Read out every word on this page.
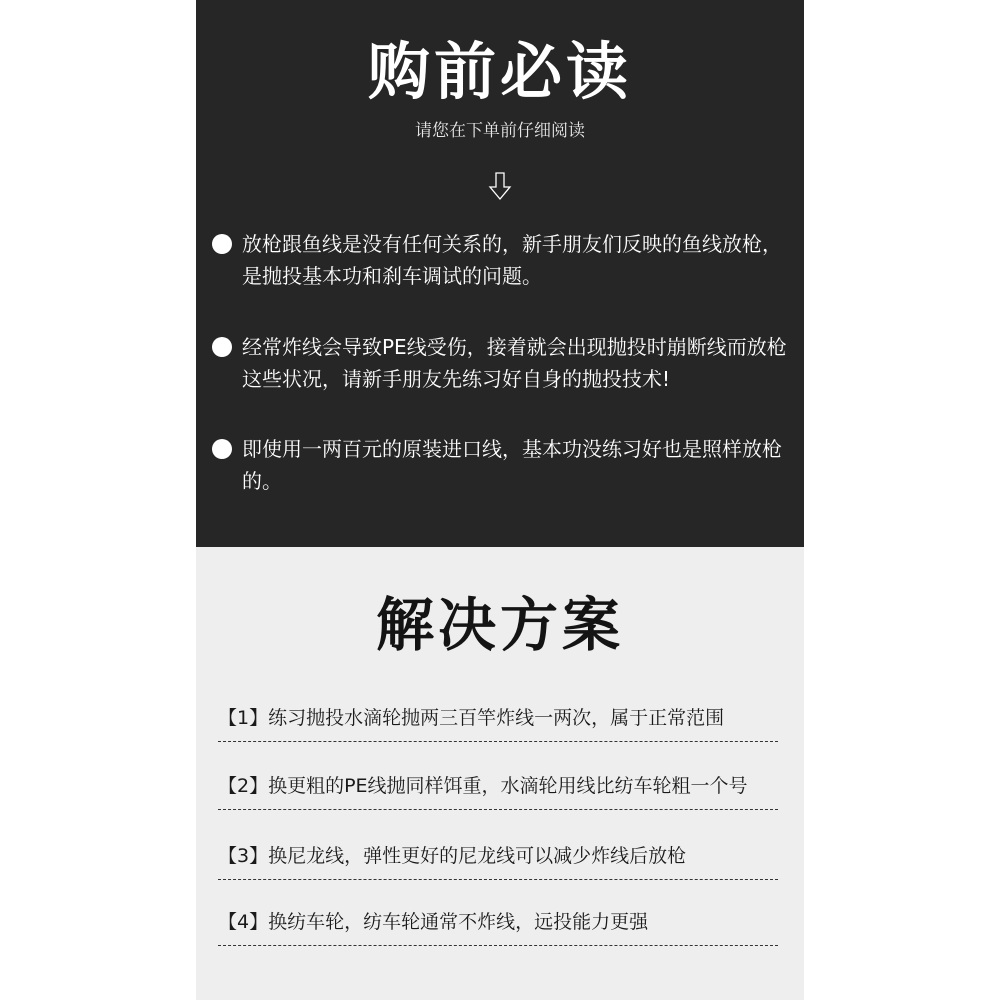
购前必读
请您在下单前仔细阅读
放枪跟鱼线是没有任何关系的，新手朋友们反映的鱼线放枪，是抛投基本功和刹车调试的问题。
经常炸线会导致PE线受伤，接着就会出现抛投时崩断线而放枪这些状况，请新手朋友先练习好自身的抛投技术!
即使用一两百元的原装进口线，基本功没练习好也是照样放枪的。
解决方案
【1】练习抛投水滴轮抛两三百竿炸线一两次，属于正常范围
【2】换更粗的PE线抛同样饵重，水滴轮用线比纺车轮粗一个号
【3】换尼龙线，弹性更好的尼龙线可以减少炸线后放枪
【4】换纺车轮，纺车轮通常不炸线，远投能力更强
